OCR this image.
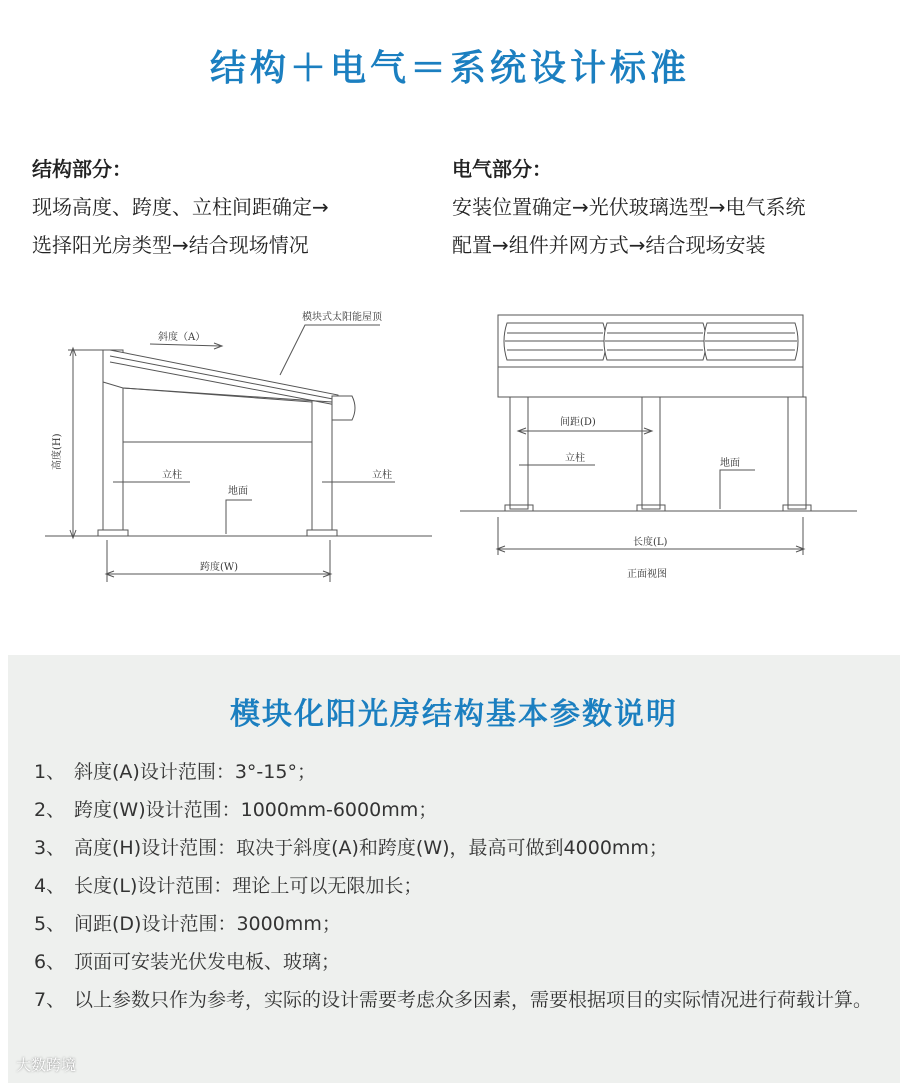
结构＋电气＝系统设计标准
结构部分：
现场高度、跨度、立柱间距确定→
选择阳光房类型→结合现场情况
电气部分：
安装位置确定→光伏玻璃选型→电气系统
配置→组件并网方式→结合现场安装
斜度（A）
模块式太阳能屋顶
高度(H)
立柱	立柱
地面
跨度(W)
间距(D)
立柱	地面
长度(L)
正面视图
模块化阳光房结构基本参数说明
1、 斜度(A)设计范围：3°-15°；
2、 跨度(W)设计范围：1000mm-6000mm；
3、 高度(H)设计范围：取决于斜度(A)和跨度(W)，最高可做到4000mm；
4、 长度(L)设计范围：理论上可以无限加长；
5、 间距(D)设计范围：3000mm；
6、 顶面可安装光伏发电板、玻璃；
7、 以上参数只作为参考，实际的设计需要考虑众多因素，需要根据项目的实际情况进行荷载计算。
大数跨境
